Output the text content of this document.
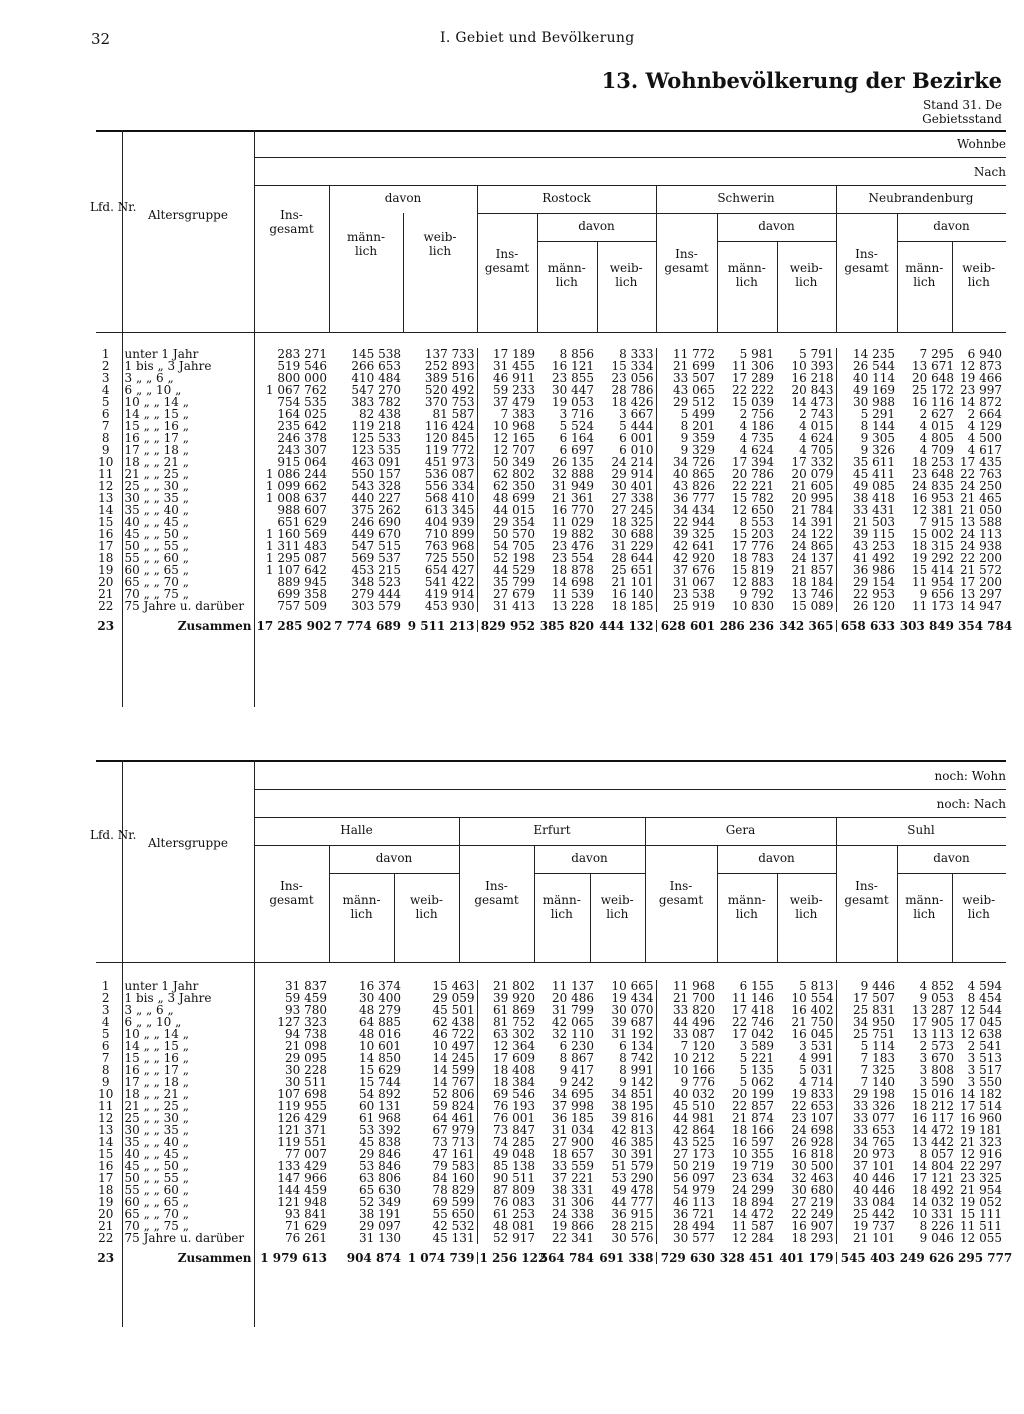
32	I. Gebiet und Bevölkerung
13. Wohnbevölkerung der Bezirke
Stand 31. De
Gebietsstand
Rostock
davon
Ins-
gesamt	männ-
lich
weib-
lich
Schwerin
davon
Ins-
gesamt	männ-
lich
weib-
lich
Neubrandenburg
davon
Ins-
gesamt	männ-
lich
weib-
lich
Lfd. Nr.
Altersgruppe	Ins-
gesamt
davon
männ-
lich
weib-
lich
Wohnbe
Nach
1	unter 1 Jahr	283 271	145 538	137 733	17 189	8 856	8 333	11 772	5 981	5 791	14 235	7 295	6 940
2	1 bis „ 3 Jahre	519 546	266 653	252 893	31 455	16 121	15 334	21 699	11 306	10 393	26 544	13 671	12 873
3	3 „ „ 6 „	800 000	410 484	389 516	46 911	23 855	23 056	33 507	17 289	16 218	40 114	20 648	19 466
4	6 „ „ 10 „	1 067 762	547 270	520 492	59 233	30 447	28 786	43 065	22 222	20 843	49 169	25 172	23 997
5	10 „ „ 14 „	754 535	383 782	370 753	37 479	19 053	18 426	29 512	15 039	14 473	30 988	16 116	14 872
6	14 „ „ 15 „	164 025	82 438	81 587	7 383	3 716	3 667	5 499	2 756	2 743	5 291	2 627	2 664
7	15 „ „ 16 „	235 642	119 218	116 424	10 968	5 524	5 444	8 201	4 186	4 015	8 144	4 015	4 129
8	16 „ „ 17 „	246 378	125 533	120 845	12 165	6 164	6 001	9 359	4 735	4 624	9 305	4 805	4 500
9	17 „ „ 18 „	243 307	123 535	119 772	12 707	6 697	6 010	9 329	4 624	4 705	9 326	4 709	4 617
10	18 „ „ 21 „	915 064	463 091	451 973	50 349	26 135	24 214	34 726	17 394	17 332	35 611	18 253	17 435
11	21 „ „ 25 „	1 086 244	550 157	536 087	62 802	32 888	29 914	40 865	20 786	20 079	45 411	23 648	22 763
12	25 „ „ 30 „	1 099 662	543 328	556 334	62 350	31 949	30 401	43 826	22 221	21 605	49 085	24 835	24 250
13	30 „ „ 35 „	1 008 637	440 227	568 410	48 699	21 361	27 338	36 777	15 782	20 995	38 418	16 953	21 465
14	35 „ „ 40 „	988 607	375 262	613 345	44 015	16 770	27 245	34 434	12 650	21 784	33 431	12 381	21 050
15	40 „ „ 45 „	651 629	246 690	404 939	29 354	11 029	18 325	22 944	8 553	14 391	21 503	7 915	13 588
16	45 „ „ 50 „	1 160 569	449 670	710 899	50 570	19 882	30 688	39 325	15 203	24 122	39 115	15 002	24 113
17	50 „ „ 55 „	1 311 483	547 515	763 968	54 705	23 476	31 229	42 641	17 776	24 865	43 253	18 315	24 938
18	55 „ „ 60 „	1 295 087	569 537	725 550	52 198	23 554	28 644	42 920	18 783	24 137	41 492	19 292	22 200
19	60 „ „ 65 „	1 107 642	453 215	654 427	44 529	18 878	25 651	37 676	15 819	21 857	36 986	15 414	21 572
20	65 „ „ 70 „	889 945	348 523	541 422	35 799	14 698	21 101	31 067	12 883	18 184	29 154	11 954	17 200
21	70 „ „ 75 „	699 358	279 444	419 914	27 679	11 539	16 140	23 538	9 792	13 746	22 953	9 656	13 297
22	75 Jahre u. darüber	757 509	303 579	453 930	31 413	13 228	18 185	25 919	10 830	15 089	26 120	11 173	14 947

23	Zusammen	17 285 902	7 774 689	9 511 213	829 952	385 820	444 132	628 601	286 236	342 365	658 633	303 849	354 784
Halle
davon
Ins-
gesamt	männ-
lich
weib-
lich
Erfurt
davon
Ins-
gesamt	männ-
lich
weib-
lich
Gera
davon
Ins-
gesamt	männ-
lich
weib-
lich
Suhl
davon
Ins-
gesamt	männ-
lich
weib-
lich
Lfd. Nr.
Altersgruppe
noch: Wohn
noch: Nach
1	unter 1 Jahr	31 837	16 374	15 463	21 802	11 137	10 665	11 968	6 155	5 813	9 446	4 852	4 594
2	1 bis „ 3 Jahre	59 459	30 400	29 059	39 920	20 486	19 434	21 700	11 146	10 554	17 507	9 053	8 454
3	3 „ „ 6 „	93 780	48 279	45 501	61 869	31 799	30 070	33 820	17 418	16 402	25 831	13 287	12 544
4	6 „ „ 10 „	127 323	64 885	62 438	81 752	42 065	39 687	44 496	22 746	21 750	34 950	17 905	17 045
5	10 „ „ 14 „	94 738	48 016	46 722	63 302	32 110	31 192	33 087	17 042	16 045	25 751	13 113	12 638
6	14 „ „ 15 „	21 098	10 601	10 497	12 364	6 230	6 134	7 120	3 589	3 531	5 114	2 573	2 541
7	15 „ „ 16 „	29 095	14 850	14 245	17 609	8 867	8 742	10 212	5 221	4 991	7 183	3 670	3 513
8	16 „ „ 17 „	30 228	15 629	14 599	18 408	9 417	8 991	10 166	5 135	5 031	7 325	3 808	3 517
9	17 „ „ 18 „	30 511	15 744	14 767	18 384	9 242	9 142	9 776	5 062	4 714	7 140	3 590	3 550
10	18 „ „ 21 „	107 698	54 892	52 806	69 546	34 695	34 851	40 032	20 199	19 833	29 198	15 016	14 182
11	21 „ „ 25 „	119 955	60 131	59 824	76 193	37 998	38 195	45 510	22 857	22 653	33 326	18 212	17 514
12	25 „ „ 30 „	126 429	61 968	64 461	76 001	36 185	39 816	44 981	21 874	23 107	33 077	16 117	16 960
13	30 „ „ 35 „	121 371	53 392	67 979	73 847	31 034	42 813	42 864	18 166	24 698	33 653	14 472	19 181
14	35 „ „ 40 „	119 551	45 838	73 713	74 285	27 900	46 385	43 525	16 597	26 928	34 765	13 442	21 323
15	40 „ „ 45 „	77 007	29 846	47 161	49 048	18 657	30 391	27 173	10 355	16 818	20 973	8 057	12 916
16	45 „ „ 50 „	133 429	53 846	79 583	85 138	33 559	51 579	50 219	19 719	30 500	37 101	14 804	22 297
17	50 „ „ 55 „	147 966	63 806	84 160	90 511	37 221	53 290	56 097	23 634	32 463	40 446	17 121	23 325
18	55 „ „ 60 „	144 459	65 630	78 829	87 809	38 331	49 478	54 979	24 299	30 680	40 446	18 492	21 954
19	60 „ „ 65 „	121 948	52 349	69 599	76 083	31 306	44 777	46 113	18 894	27 219	33 084	14 032	19 052
20	65 „ „ 70 „	93 841	38 191	55 650	61 253	24 338	36 915	36 721	14 472	22 249	25 442	10 331	15 111
21	70 „ „ 75 „	71 629	29 097	42 532	48 081	19 866	28 215	28 494	11 587	16 907	19 737	8 226	11 511
22	75 Jahre u. darüber	76 261	31 130	45 131	52 917	22 341	30 576	30 577	12 284	18 293	21 101	9 046	12 055

23	Zusammen	1 979 613	904 874	1 074 739	1 256 122	564 784	691 338	729 630	328 451	401 179	545 403	249 626	295 777
